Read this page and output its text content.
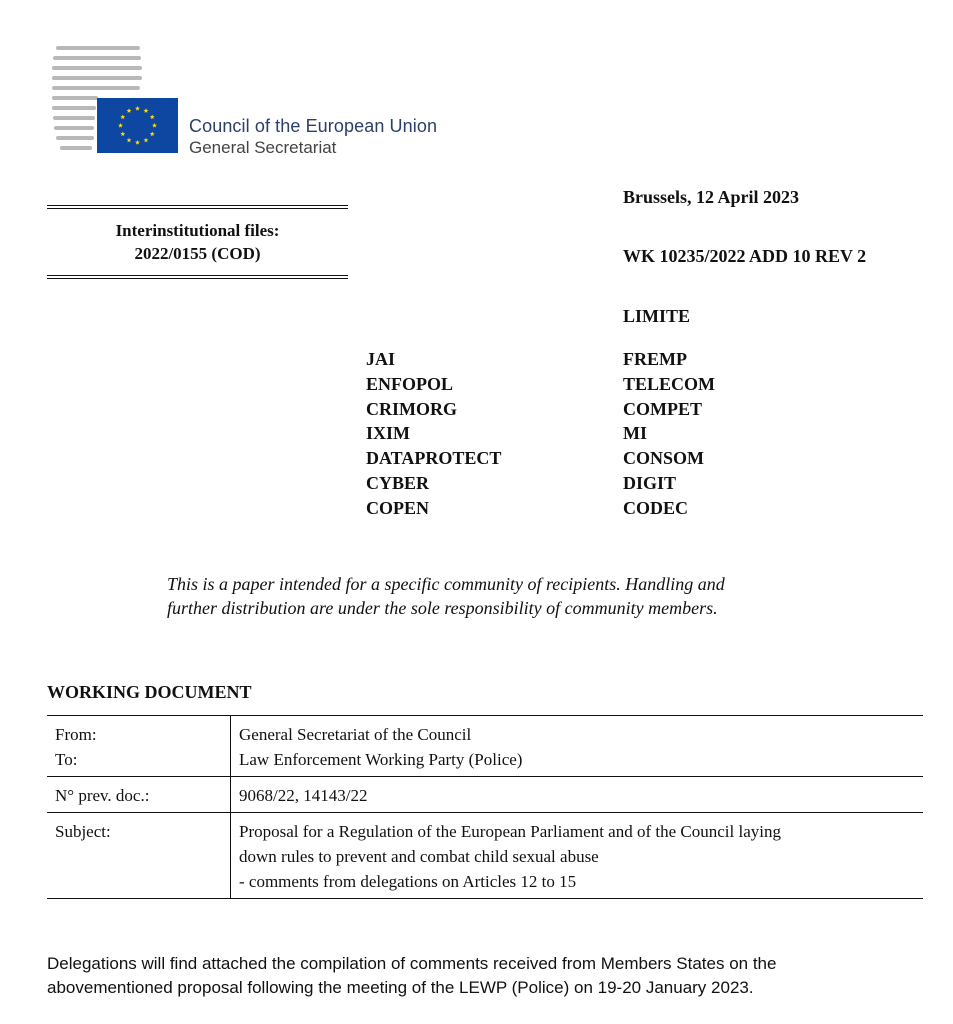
Council of the European Union
General Secretariat
Interinstitutional files:
2022/0155 (COD)
Brussels, 12 April 2023
WK 10235/2022 ADD 10 REV 2
LIMITE
JAI
ENFOPOL
CRIMORG
IXIM
DATAPROTECT
CYBER
COPEN
FREMP
TELECOM
COMPET
MI
CONSOM
DIGIT
CODEC
This is a paper intended for a specific community of recipients. Handling and
further distribution are under the sole responsibility of community members.
WORKING DOCUMENT
From:	General Secretariat of the Council
To:	Law Enforcement Working Party (Police)
N° prev. doc.:	9068/22, 14143/22
Subject:	Proposal for a Regulation of the European Parliament and of the Council laying
down rules to prevent and combat child sexual abuse
- comments from delegations on Articles 12 to 15
Delegations will find attached the compilation of comments received from Members States on the
abovementioned proposal following the meeting of the LEWP (Police) on 19-20 January 2023.
